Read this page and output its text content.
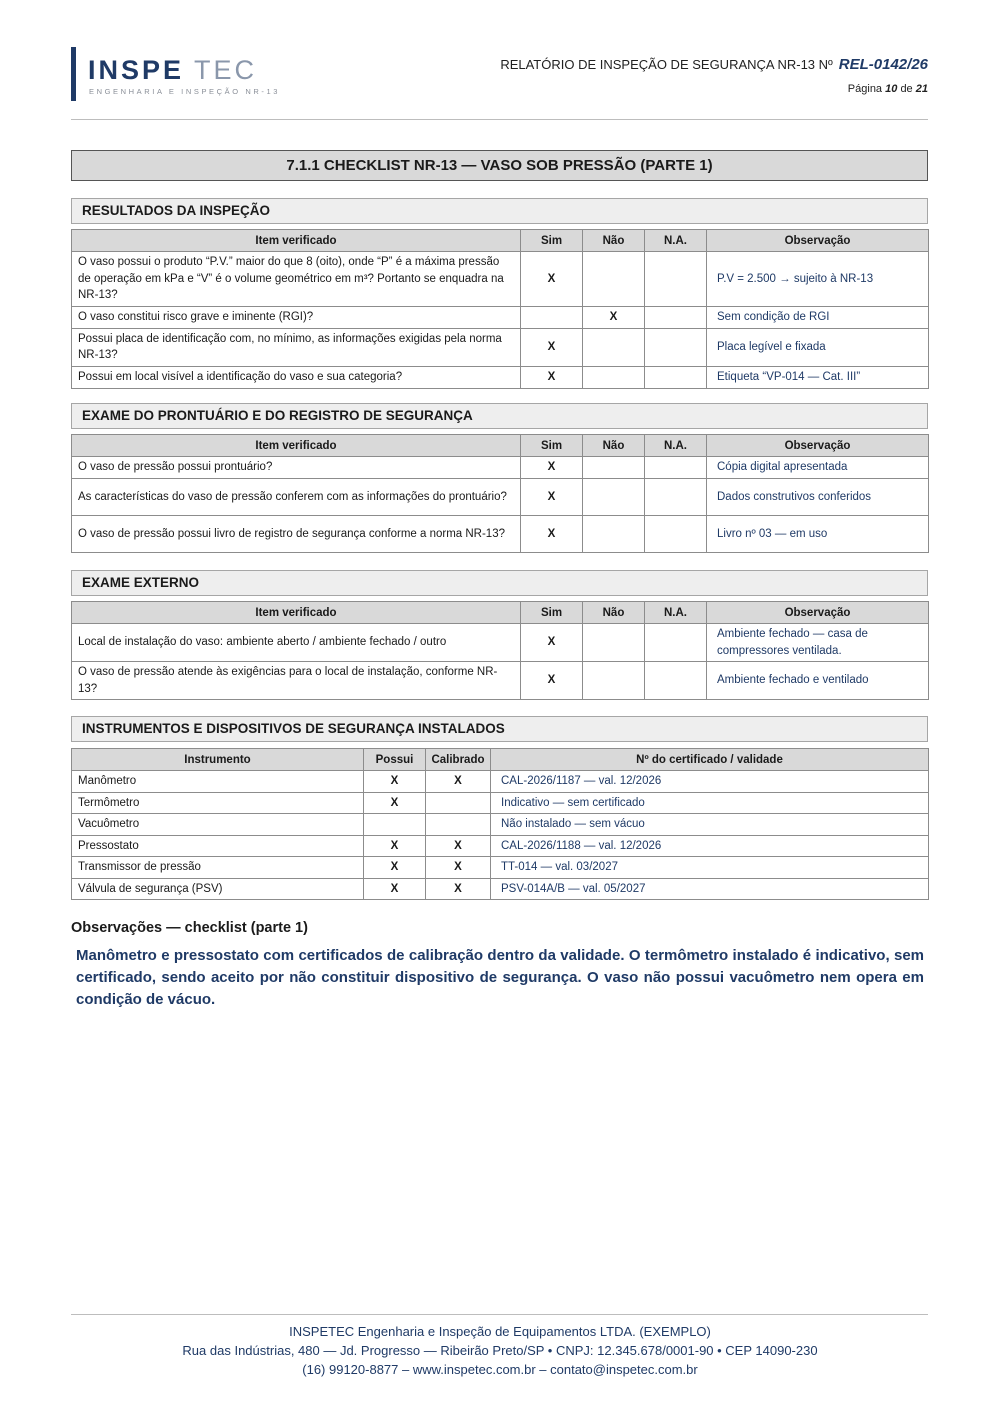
INSPE TEC
ENGENHARIA E INSPEÇÃO NR-13
RELATÓRIO DE INSPEÇÃO DE SEGURANÇA NR-13 Nº REL-0142/26
Página 10 de 21
7.1.1 CHECKLIST NR-13 — VASO SOB PRESSÃO (PARTE 1)
RESULTADOS DA INSPEÇÃO
Item verificado	Sim	Não	N.A.	Observação
O vaso possui o produto “P.V.” maior do que 8 (oito), onde “P” é a máxima pressão de operação em kPa e “V” é o volume geométrico em m³? Portanto se enquadra na NR-13?	X			P.V = 2.500 → sujeito à NR-13
O vaso constitui risco grave e iminente (RGI)?		X		Sem condição de RGI
Possui placa de identificação com, no mínimo, as informações exigidas pela norma NR-13?	X			Placa legível e fixada
Possui em local visível a identificação do vaso e sua categoria?	X			Etiqueta “VP-014 — Cat. III”
EXAME DO PRONTUÁRIO E DO REGISTRO DE SEGURANÇA
Item verificado	Sim	Não	N.A.	Observação
O vaso de pressão possui prontuário?	X			Cópia digital apresentada
As características do vaso de pressão conferem com as informações do prontuário?	X			Dados construtivos conferidos
O vaso de pressão possui livro de registro de segurança conforme a norma NR-13?	X			Livro nº 03 — em uso
EXAME EXTERNO
Item verificado	Sim	Não	N.A.	Observação
Local de instalação do vaso: ambiente aberto / ambiente fechado / outro	X			Ambiente fechado — casa de compressores ventilada.
O vaso de pressão atende às exigências para o local de instalação, conforme NR-13?	X			Ambiente fechado e ventilado
INSTRUMENTOS E DISPOSITIVOS DE SEGURANÇA INSTALADOS
Instrumento	Possui	Calibrado	Nº do certificado / validade
Manômetro	X	X	CAL-2026/1187 — val. 12/2026
Termômetro	X		Indicativo — sem certificado
Vacuômetro			Não instalado — sem vácuo
Pressostato	X	X	CAL-2026/1188 — val. 12/2026
Transmissor de pressão	X	X	TT-014 — val. 03/2027
Válvula de segurança (PSV)	X	X	PSV-014A/B — val. 05/2027
Observações — checklist (parte 1)
Manômetro e pressostato com certificados de calibração dentro da validade. O termômetro instalado é indicativo, sem certificado, sendo aceito por não constituir dispositivo de segurança. O vaso não possui vacuômetro nem opera em condição de vácuo.
INSPETEC Engenharia e Inspeção de Equipamentos LTDA. (EXEMPLO)
Rua das Indústrias, 480 — Jd. Progresso — Ribeirão Preto/SP • CNPJ: 12.345.678/0001-90 • CEP 14090-230
(16) 99120-8877 – www.inspetec.com.br – contato@inspetec.com.br
